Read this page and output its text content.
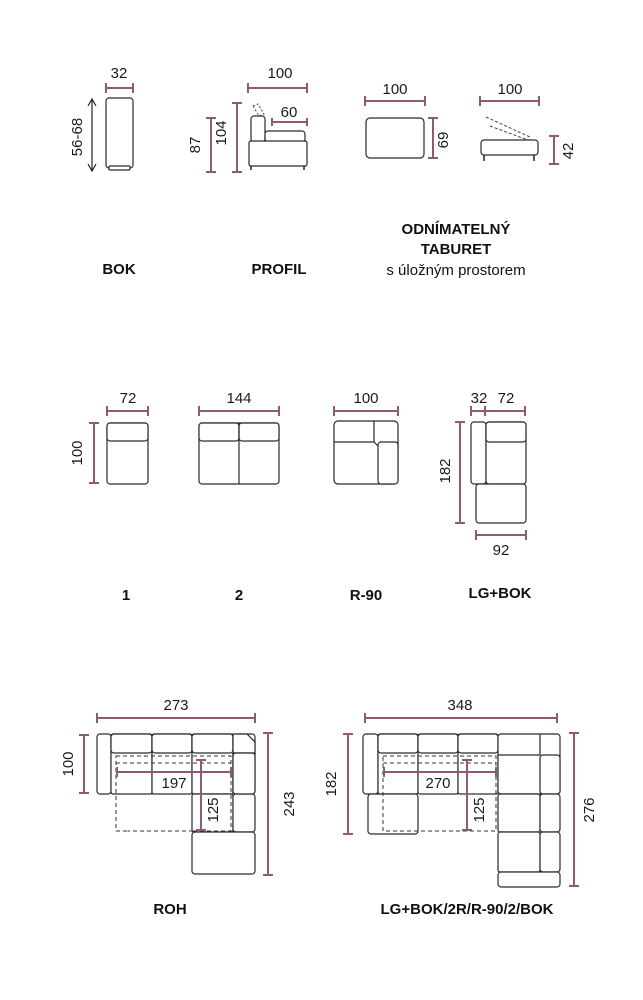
32
56-68
BOK
100
60
87 104
PROFIL
100
69
100
42
ODNÍMATELNÝ
TABURET
s úložným prostorem
72
100
1
144
2
100
R-90
32 72
182
92
LG+BOK
273
100
243
197
125
ROH
348
182
276
270
125
LG+BOK/2R/R-90/2/BOK
